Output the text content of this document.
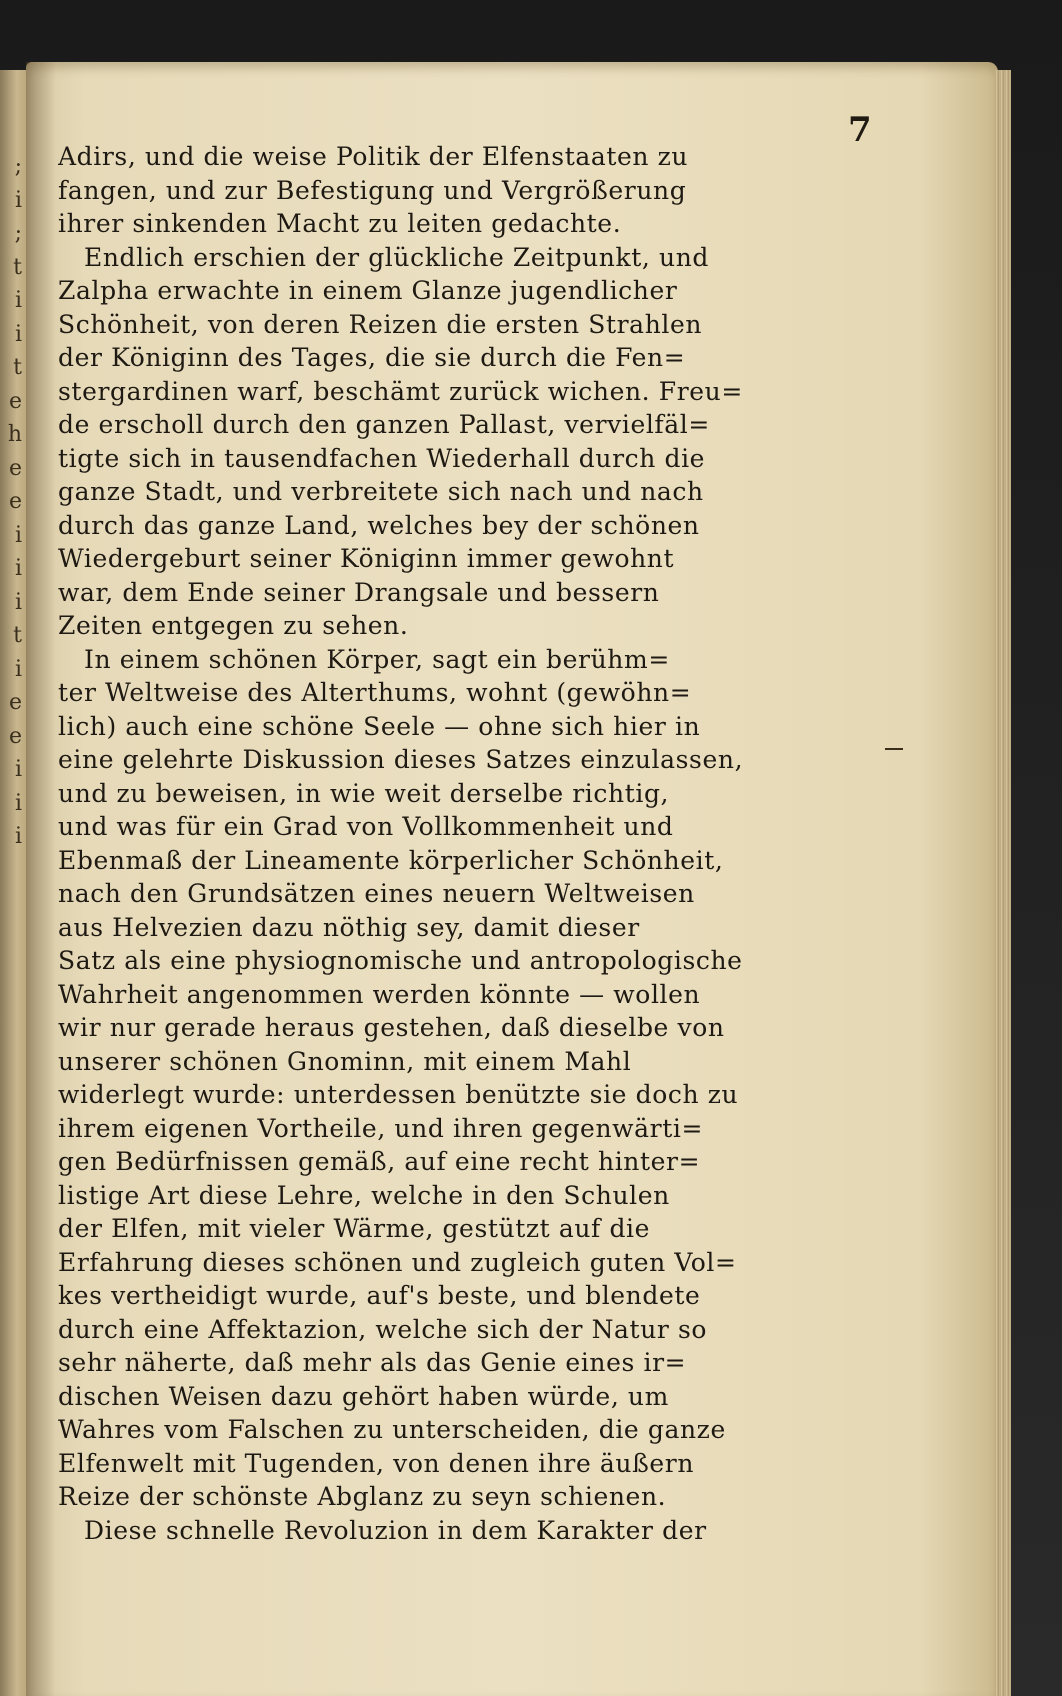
;
i
;
t
i
i
t
e
h
e
e
i
i
i
t
i
e
e
i
i
i

7

Adirs, und die weise Politik der Elfenstaaten zu
fangen, und zur Befestigung und Vergrößerung
ihrer sinkenden Macht zu leiten gedachte.
Endlich erschien der glückliche Zeitpunkt, und
Zalpha erwachte in einem Glanze jugendlicher
Schönheit, von deren Reizen die ersten Strahlen
der Königinn des Tages, die sie durch die Fen=
stergardinen warf, beschämt zurück wichen. Freu=
de erscholl durch den ganzen Pallast, vervielfäl=
tigte sich in tausendfachen Wiederhall durch die
ganze Stadt, und verbreitete sich nach und nach
durch das ganze Land, welches bey der schönen
Wiedergeburt seiner Königinn immer gewohnt
war, dem Ende seiner Drangsale und bessern
Zeiten entgegen zu sehen.
In einem schönen Körper, sagt ein berühm=
ter Weltweise des Alterthums, wohnt (gewöhn=
lich) auch eine schöne Seele — ohne sich hier in
eine gelehrte Diskussion dieses Satzes einzulassen,
und zu beweisen, in wie weit derselbe richtig,
und was für ein Grad von Vollkommenheit und
Ebenmaß der Lineamente körperlicher Schönheit,
nach den Grundsätzen eines neuern Weltweisen
aus Helvezien dazu nöthig sey, damit dieser
Satz als eine physiognomische und antropologische
Wahrheit angenommen werden könnte — wollen
wir nur gerade heraus gestehen, daß dieselbe von
unserer schönen Gnominn, mit einem Mahl
widerlegt wurde: unterdessen benützte sie doch zu
ihrem eigenen Vortheile, und ihren gegenwärti=
gen Bedürfnissen gemäß, auf eine recht hinter=
listige Art diese Lehre, welche in den Schulen
der Elfen, mit vieler Wärme, gestützt auf die
Erfahrung dieses schönen und zugleich guten Vol=
kes vertheidigt wurde, auf's beste, und blendete
durch eine Affektazion, welche sich der Natur so
sehr näherte, daß mehr als das Genie eines ir=
dischen Weisen dazu gehört haben würde, um
Wahres vom Falschen zu unterscheiden, die ganze
Elfenwelt mit Tugenden, von denen ihre äußern
Reize der schönste Abglanz zu seyn schienen.
Diese schnelle Revoluzion in dem Karakter der
